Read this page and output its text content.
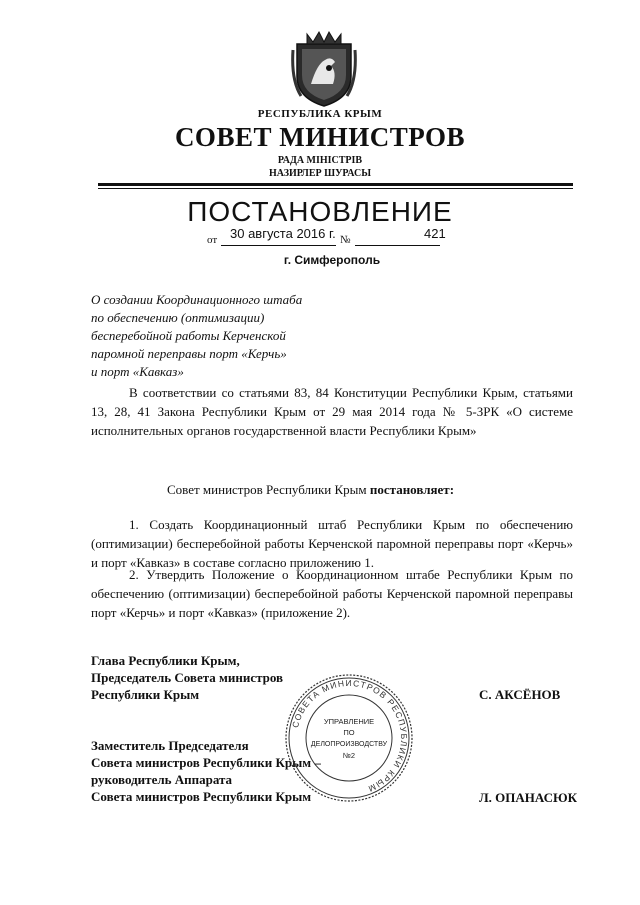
РЕСПУБЛИКА КРЫМ
СОВЕТ МИНИСТРОВ
РАДА МІНІСТРІВ
НАЗИРЛЕР ШУРАСЫ
ПОСТАНОВЛЕНИЕ
от 30 августа 2016 г. №	421
г. Симферополь
О создании Координационного штаба
по обеспечению (оптимизации)
бесперебойной работы Керченской
паромной переправы порт «Керчь»
и порт «Кавказ»
В соответствии со статьями 83, 84 Конституции Республики Крым, статьями 13, 28, 41 Закона Республики Крым от 29 мая 2014 года № 5-ЗРК «О системе исполнительных органов государственной власти Республики Крым»
Совет министров Республики Крым постановляет:
1. Создать Координационный штаб Республики Крым по обеспечению (оптимизации) бесперебойной работы Керченской паромной переправы порт «Керчь» и порт «Кавказ» в составе согласно приложению 1.
2. Утвердить Положение о Координационном штабе Республики Крым по обеспечению (оптимизации) бесперебойной работы Керченской паромной переправы порт «Керчь» и порт «Кавказ» (приложение 2).
Глава Республики Крым,
Председатель Совета министров
Республики Крым	С. АКСЁНОВ
Заместитель Председателя
Совета министров Республики Крым –
руководитель Аппарата
Совета министров Республики Крым	Л. ОПАНАСЮК
СОВЕТА МИНИСТРОВ РЕСПУБЛИКИ КРЫМ
УПРАВЛЕНИЕ
ПО
ДЕЛОПРОИЗВОДСТВУ
№2
